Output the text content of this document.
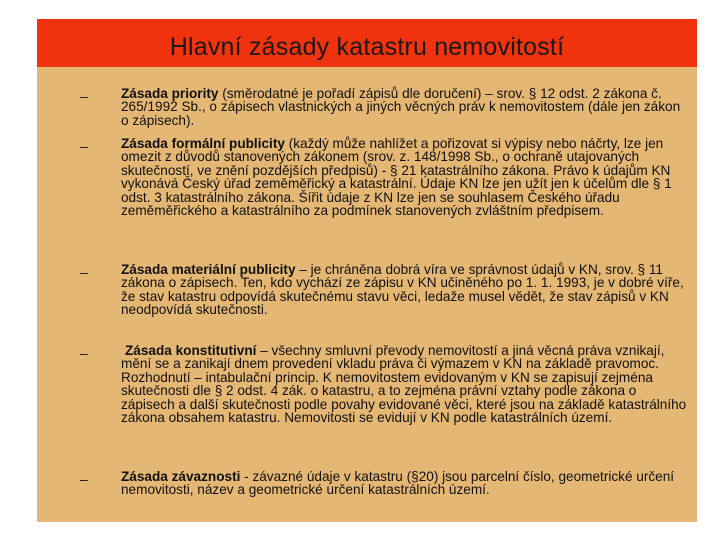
Hlavní zásady katastru nemovitostí
– Zásada priority (směrodatné je pořadí zápisů dle doručení) – srov. § 12 odst. 2 zákona č. 265/1992 Sb., o zápisech vlastnických a jiných věcných práv k nemovitostem (dále jen zákon o zápisech).
– Zásada formální publicity (každý může nahlížet a pořizovat si výpisy nebo náčrty, lze jen omezit z důvodů stanovených zákonem (srov. z. 148/1998 Sb., o ochraně utajovaných skutečností, ve znění pozdějších předpisů) - § 21 katastrálního zákona. Právo k údajům KN vykonává Český úřad zeměměřický a katastrální. Údaje KN lze jen užít jen k účelům dle § 1 odst. 3 katastrálního zákona. Šířit údaje z KN lze jen se souhlasem Českého úřadu zeměměřického a katastrálního za podmínek stanovených zvláštním předpisem.
– Zásada materiální publicity – je chráněna dobrá víra ve správnost údajů v KN, srov. § 11 zákona o zápisech. Ten, kdo vychází ze zápisu v KN učiněného po 1. 1. 1993, je v dobré víře, že stav katastru odpovídá skutečnému stavu věci, ledaže musel vědět, že stav zápisů v KN neodpovídá skutečnosti.
–	Zásada konstitutivní – všechny smluvní převody nemovitostí a jiná věcná práva vznikají, mění se a zanikají dnem provedení vkladu práva či výmazem v KN na základě pravomoc. Rozhodnutí – intabulační princip. K nemovitostem evidovaným v KN se zapisují zejména skutečnosti dle § 2 odst. 4 zák. o katastru, a to zejména právní vztahy podle zákona o zápisech a další skutečnosti podle povahy evidované věci, které jsou na základě katastrálního zákona obsahem katastru. Nemovitosti se evidují v KN podle katastrálních území.
– Zásada závaznosti - závazné údaje v katastru (§20) jsou parcelní číslo, geometrické určení nemovitosti, název a geometrické určení katastrálních území.
